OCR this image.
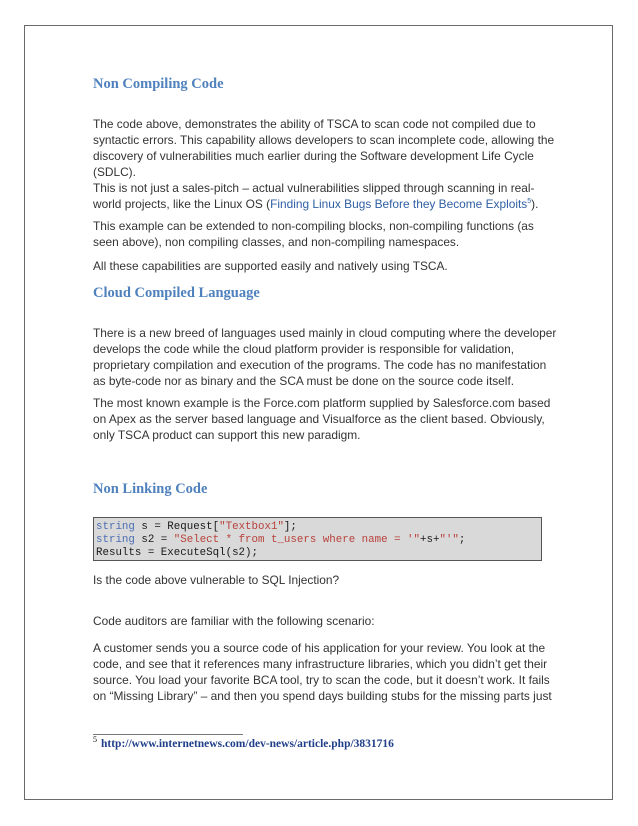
Non Compiling Code
The code above, demonstrates the ability of TSCA to scan code not compiled due to
syntactic errors. This capability allows developers to scan incomplete code, allowing the
discovery of vulnerabilities much earlier during the Software development Life Cycle
(SDLC).
This is not just a sales-pitch – actual vulnerabilities slipped through scanning in real-
world projects, like the Linux OS (Finding Linux Bugs Before they Become Exploits$^5$).
This example can be extended to non-compiling blocks, non-compiling functions (as
seen above), non compiling classes, and non-compiling namespaces.
All these capabilities are supported easily and natively using TSCA.
Cloud Compiled Language
There is a new breed of languages used mainly in cloud computing where the developer
develops the code while the cloud platform provider is responsible for validation,
proprietary compilation and execution of the programs. The code has no manifestation
as byte-code nor as binary and the SCA must be done on the source code itself.
The most known example is the Force.com platform supplied by Salesforce.com based
on Apex as the server based language and Visualforce as the client based. Obviously,
only TSCA product can support this new paradigm.
Non Linking Code
Is the code above vulnerable to SQL Injection?
Code auditors are familiar with the following scenario:
A customer sends you a source code of his application for your review. You look at the
code, and see that it references many infrastructure libraries, which you didn’t get their
source. You load your favorite BCA tool, try to scan the code, but it doesn’t work. It fails
on “Missing Library” – and then you spend days building stubs for the missing parts just
string s = Request["Textbox1"];
string s2 = "Select * from t_users where name = '"+s+"'";
Results = ExecuteSql(s2);
$^5$ http://www.internetnews.com/dev-news/article.php/3831716
